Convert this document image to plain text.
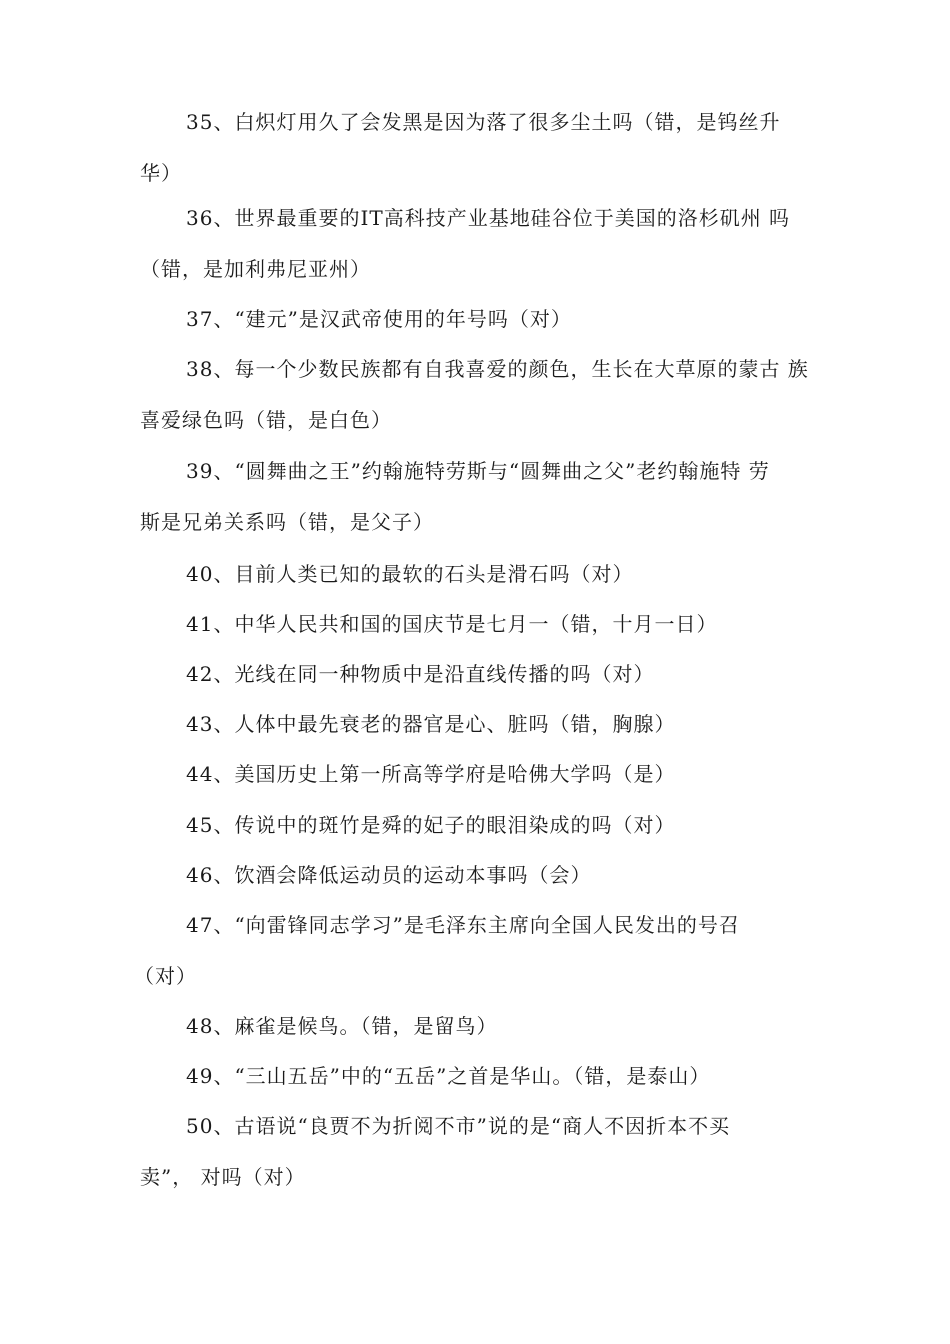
35、白炽灯用久了会发黑是因为落了很多尘土吗（错，是钨丝升
华）
36、世界最重要的IT高科技产业基地硅谷位于美国的洛杉矶州 吗
（错，是加利弗尼亚州）
37、“建元”是汉武帝使用的年号吗（对）
38、每一个少数民族都有自我喜爱的颜色，生长在大草原的蒙古 族
喜爱绿色吗（错，是白色）
39、“圆舞曲之王”约翰施特劳斯与“圆舞曲之父”老约翰施特 劳
斯是兄弟关系吗（错，是父子）
40、目前人类已知的最软的石头是滑石吗（对）
41、中华人民共和国的国庆节是七月一（错，十月一日）
42、光线在同一种物质中是沿直线传播的吗（对）
43、人体中最先衰老的器官是心、脏吗（错，胸腺）
44、美国历史上第一所高等学府是哈佛大学吗（是）
45、传说中的斑竹是舜的妃子的眼泪染成的吗（对）
46、饮酒会降低运动员的运动本事吗（会）
47、“向雷锋同志学习”是毛泽东主席向全国人民发出的号召
（对）
48、麻雀是候鸟。（错，是留鸟）
49、“三山五岳”中的“五岳”之首是华山。（错，是泰山）
50、古语说“良贾不为折阅不市”说的是“商人不因折本不买
卖”， 对吗（对）
